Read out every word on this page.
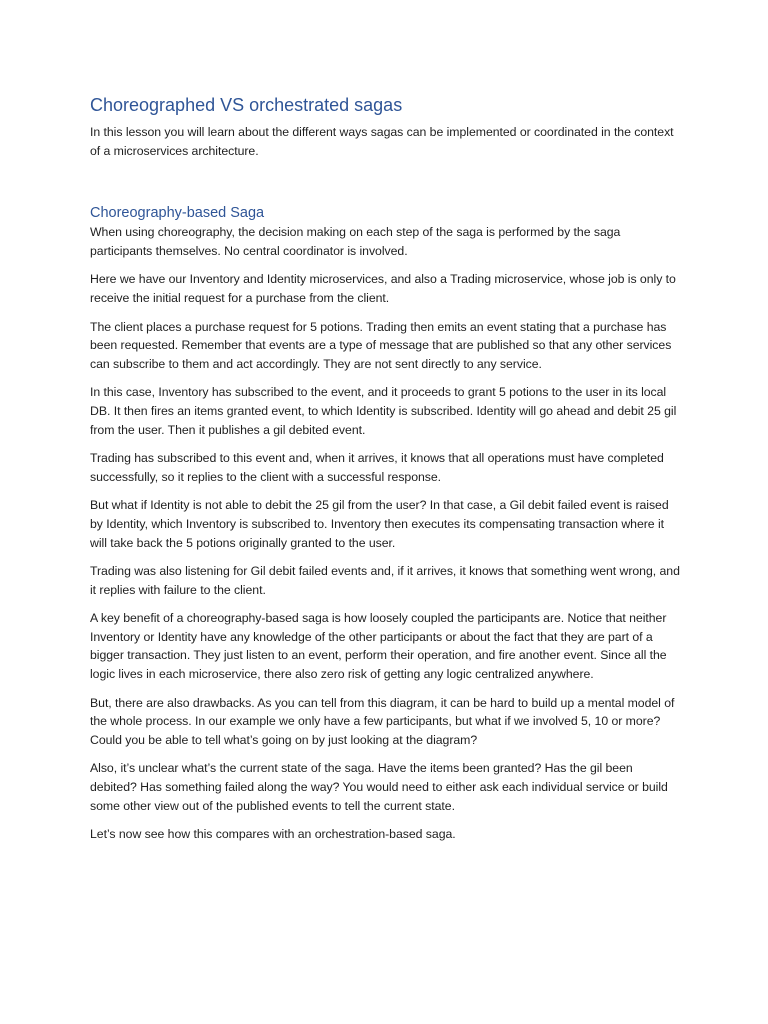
Choreographed VS orchestrated sagas

In this lesson you will learn about the different ways sagas can be implemented or coordinated in the context of a microservices architecture.

Choreography-based Saga

When using choreography, the decision making on each step of the saga is performed by the saga participants themselves. No central coordinator is involved.

Here we have our Inventory and Identity microservices, and also a Trading microservice, whose job is only to receive the initial request for a purchase from the client.

The client places a purchase request for 5 potions. Trading then emits an event stating that a purchase has been requested. Remember that events are a type of message that are published so that any other services can subscribe to them and act accordingly. They are not sent directly to any service.

In this case, Inventory has subscribed to the event, and it proceeds to grant 5 potions to the user in its local DB. It then fires an items granted event, to which Identity is subscribed. Identity will go ahead and debit 25 gil from the user. Then it publishes a gil debited event.

Trading has subscribed to this event and, when it arrives, it knows that all operations must have completed successfully, so it replies to the client with a successful response.

But what if Identity is not able to debit the 25 gil from the user? In that case, a Gil debit failed event is raised by Identity, which Inventory is subscribed to. Inventory then executes its compensating transaction where it will take back the 5 potions originally granted to the user.

Trading was also listening for Gil debit failed events and, if it arrives, it knows that something went wrong, and it replies with failure to the client.

A key benefit of a choreography-based saga is how loosely coupled the participants are. Notice that neither Inventory or Identity have any knowledge of the other participants or about the fact that they are part of a bigger transaction. They just listen to an event, perform their operation, and fire another event. Since all the logic lives in each microservice, there also zero risk of getting any logic centralized anywhere.

But, there are also drawbacks. As you can tell from this diagram, it can be hard to build up a mental model of the whole process. In our example we only have a few participants, but what if we involved 5, 10 or more? Could you be able to tell what’s going on by just looking at the diagram?

Also, it’s unclear what’s the current state of the saga. Have the items been granted? Has the gil been debited? Has something failed along the way? You would need to either ask each individual service or build some other view out of the published events to tell the current state.

Let’s now see how this compares with an orchestration-based saga.
